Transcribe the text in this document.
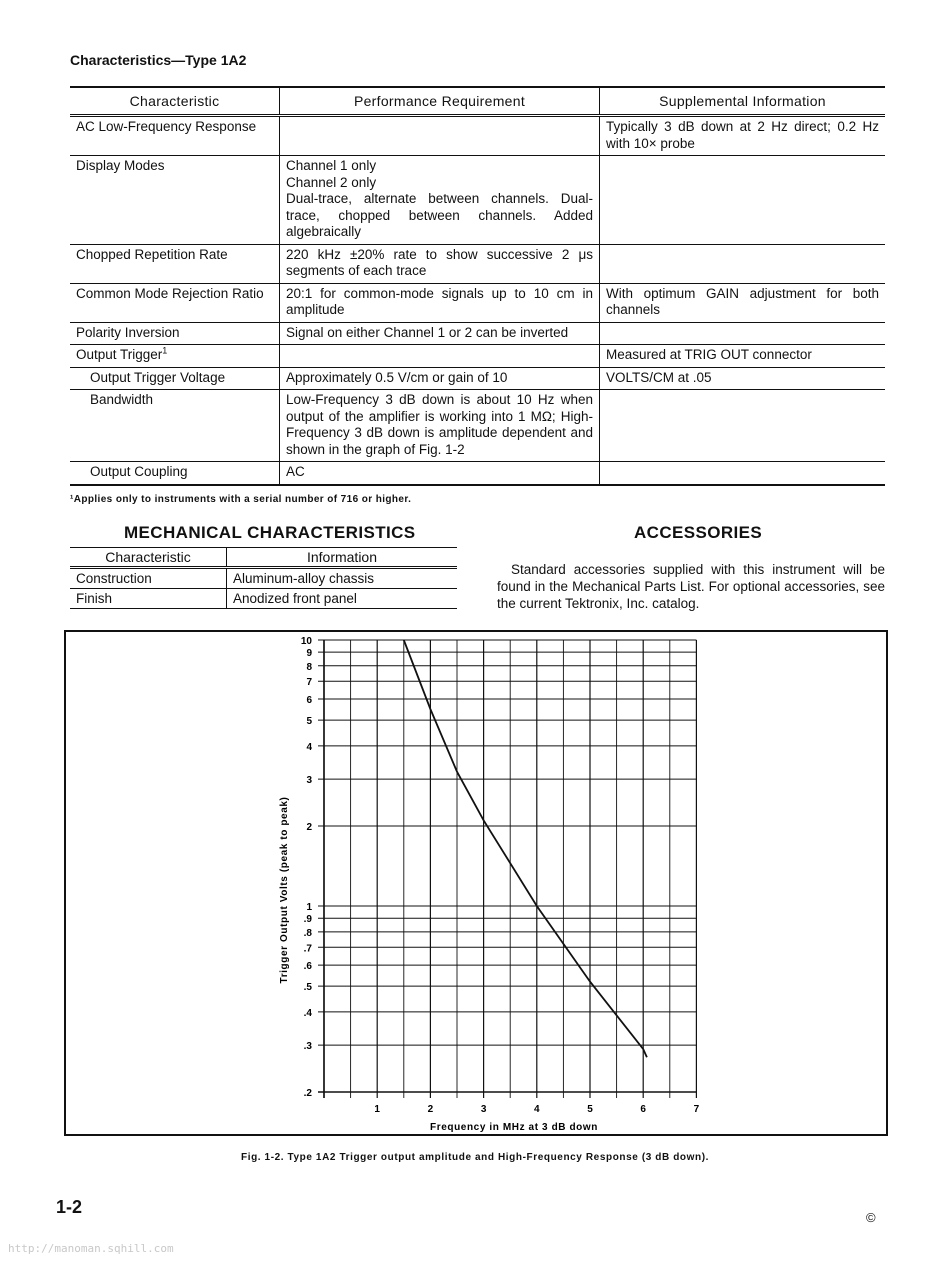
Characteristics—Type 1A2
Characteristic	Performance Requirement	Supplemental Information
AC Low-Frequency Response		Typically 3 dB down at 2 Hz direct; 0.2 Hz with 10× probe
Display Modes	Channel 1 only
Channel 2 only
Dual-trace, alternate between channels. Dual-trace, chopped between channels. Added algebraically	

Chopped Repetition Rate	220 kHz ±20% rate to show successive 2 μs segments of each trace	
Common Mode Rejection Ratio	20:1 for common-mode signals up to 10 cm in amplitude	With optimum GAIN adjustment for both channels
Polarity Inversion	Signal on either Channel 1 or 2 can be inverted	
Output Trigger$^1$		Measured at TRIG OUT connector
Output Trigger Voltage	Approximately 0.5 V/cm or gain of 10	VOLTS/CM at .05
Bandwidth	Low-Frequency 3 dB down is about 10 Hz when output of the amplifier is working into 1 MΩ; High-Frequency 3 dB down is amplitude dependent and shown in the graph of Fig. 1-2	
Output Coupling	AC	
¹Applies only to instruments with a serial number of 716 or higher.
MECHANICAL CHARACTERISTICS
Characteristic	Information
Construction	Aluminum-alloy chassis
Finish	Anodized front panel
ACCESSORIES
Standard accessories supplied with this instrument will be found in the Mechanical Parts List. For optional accessories, see the current Tektronix, Inc. catalog.
10
9
8
7
6
5
4
3
2
1
.9
.8
.7
.6
.5
.4
.3
.2
1	2	3	4	5	6	7
Frequency in MHz at 3 dB down
Trigger Output Volts (peak to peak)
Fig. 1-2. Type 1A2 Trigger output amplitude and High-Frequency Response (3 dB down).
1-2
©
http://manoman.sqhill.com
